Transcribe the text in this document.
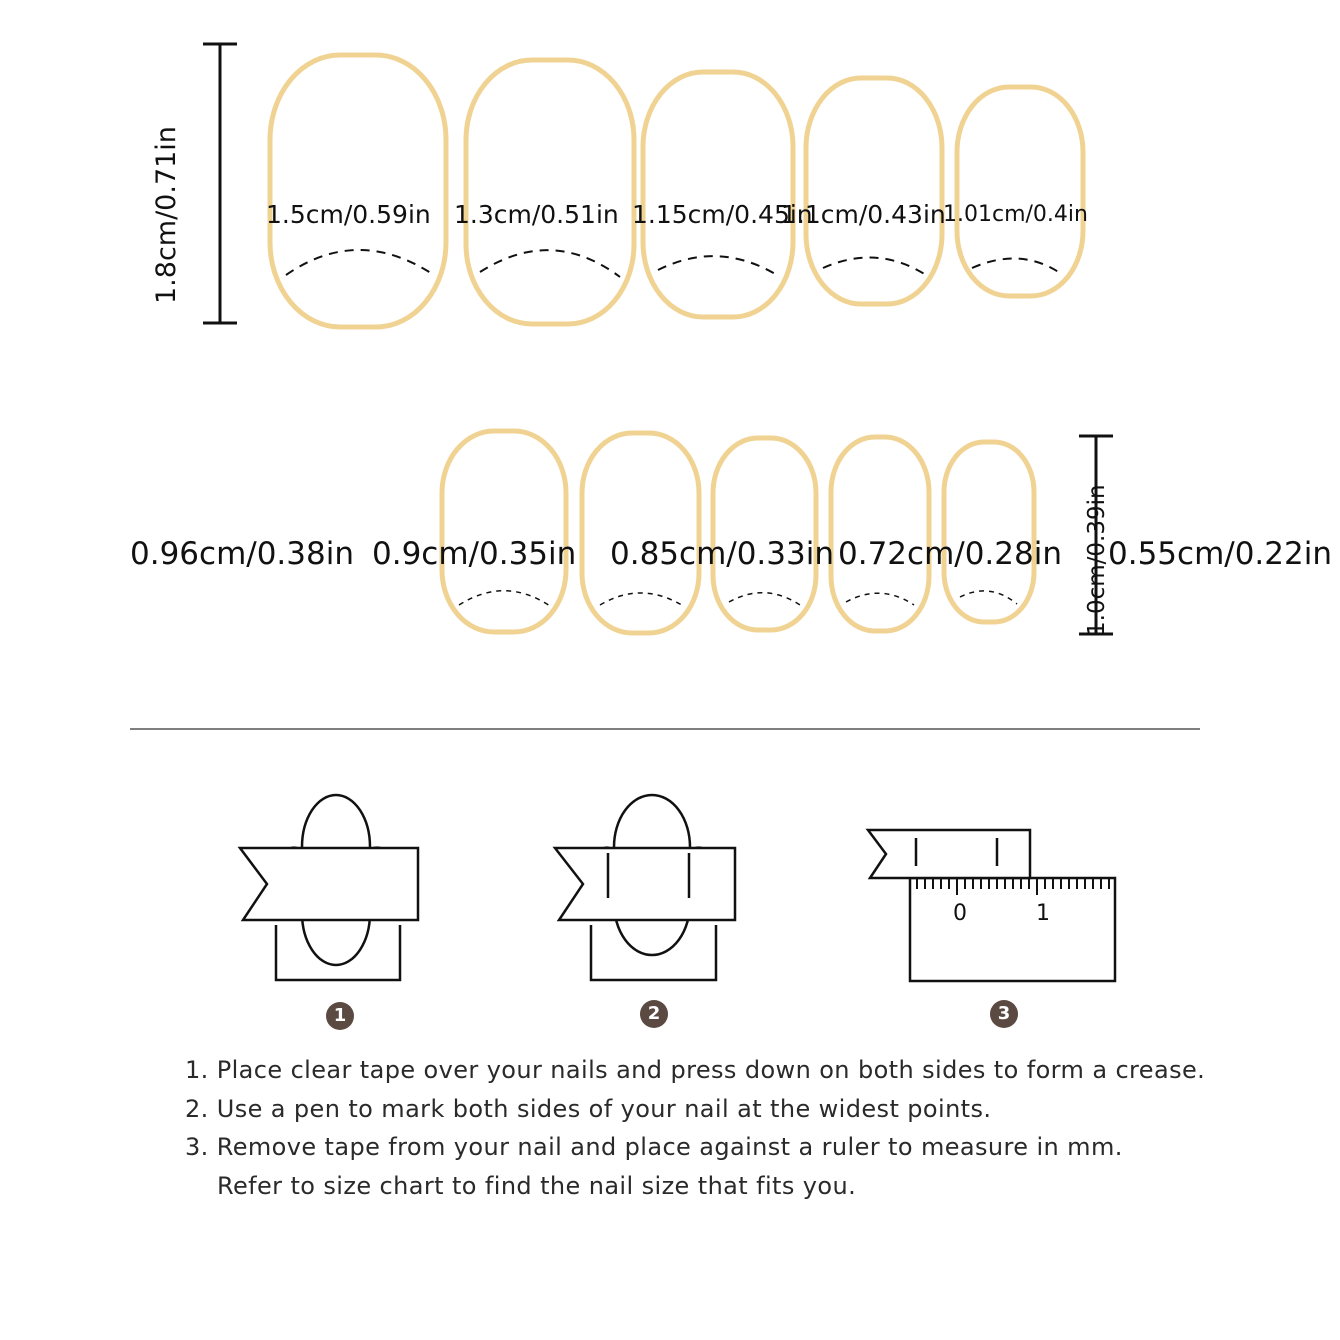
1.8cm/0.71in	1.5cm/0.59in 1.3cm/0.51in 1.15cm/0.45in
1.1cm/0.43in
1.01cm/0.4in
0.96cm/0.38in 0.9cm/0.35in 0.85cm/0.33in 0.72cm/0.28in 0.55cm/0.22in
1.0cm/0.39in
0	1
1	2	3
1. Place clear tape over your nails and press down on both sides to form a crease.
2. Use a pen to mark both sides of your nail at the widest points.
3. Remove tape from your nail and place against a ruler to measure in mm.
Refer to size chart to find the nail size that fits you.
